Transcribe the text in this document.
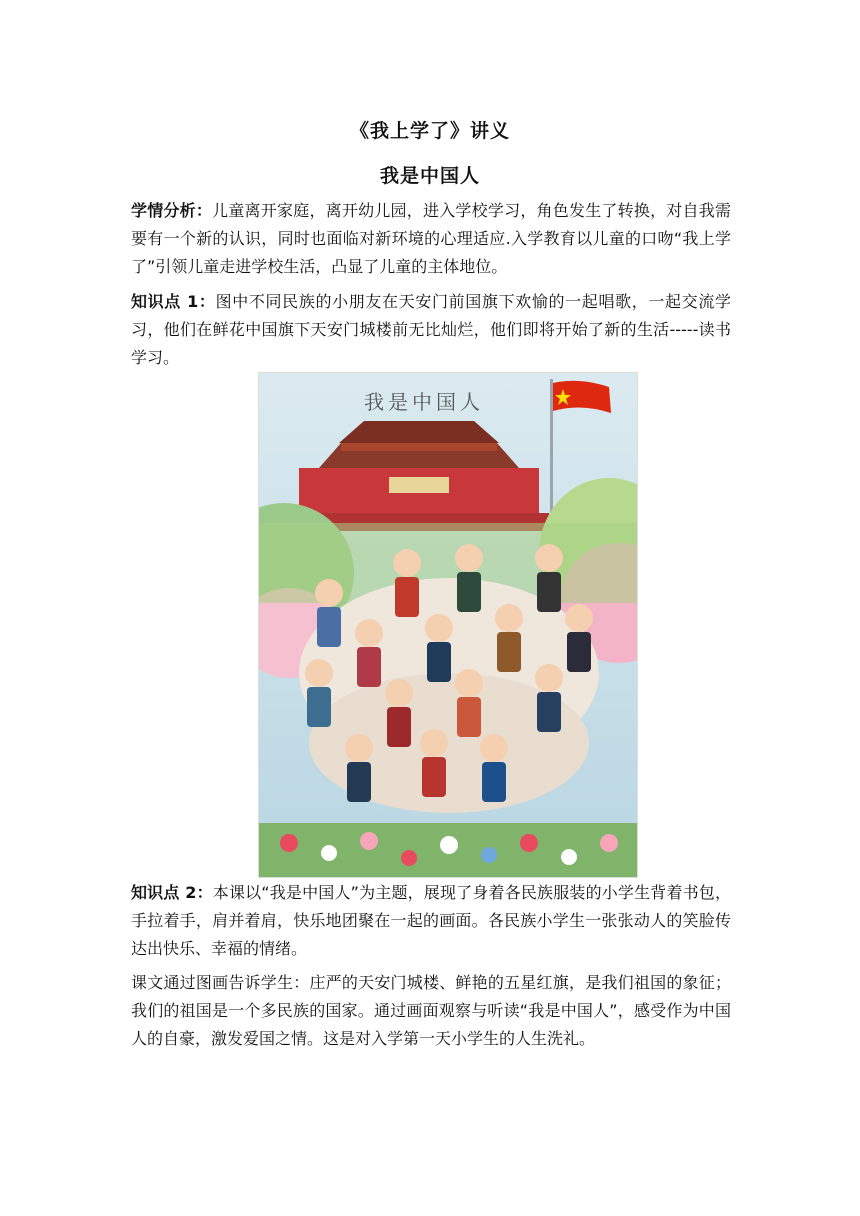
《我上学了》讲义
我是中国人

学情分析：儿童离开家庭，离开幼儿园，进入学校学习，角色发生了转换，对自我需要有一个新的认识，同时也面临对新环境的心理适应.入学教育以儿童的口吻“我上学了”引领儿童走进学校生活，凸显了儿童的主体地位。

知识点 1：图中不同民族的小朋友在天安门前国旗下欢愉的一起唱歌，一起交流学习，他们在鲜花中国旗下天安门城楼前无比灿烂，他们即将开始了新的生活-----读书学习。

我是中国人

知识点 2：本课以“我是中国人”为主题，展现了身着各民族服装的小学生背着书包，手拉着手，肩并着肩，快乐地团聚在一起的画面。各民族小学生一张张动人的笑脸传达出快乐、幸福的情绪。

课文通过图画告诉学生：庄严的天安门城楼、鲜艳的五星红旗，是我们祖国的象征；我们的祖国是一个多民族的国家。通过画面观察与听读“我是中国人”，感受作为中国人的自豪，激发爱国之情。这是对入学第一天小学生的人生洗礼。
